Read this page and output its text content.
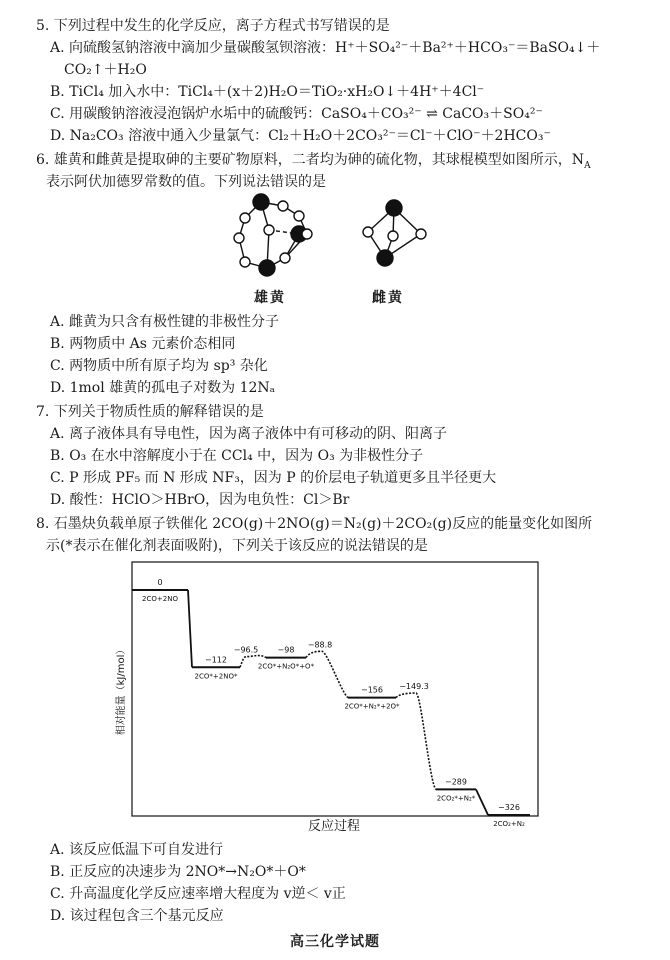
5. 下列过程中发生的化学反应，离子方程式书写错误的是
A. 向硫酸氢钠溶液中滴加少量碳酸氢钡溶液：H⁺＋SO₄²⁻＋Ba²⁺＋HCO₃⁻＝BaSO₄↓＋
CO₂↑＋H₂O
B. TiCl₄ 加入水中：TiCl₄＋(x＋2)H₂O＝TiO₂·xH₂O↓＋4H⁺＋4Cl⁻
C. 用碳酸钠溶液浸泡锅炉水垢中的硫酸钙：CaSO₄＋CO₃²⁻ ⇌ CaCO₃＋SO₄²⁻
D. Na₂CO₃ 溶液中通入少量氯气：Cl₂＋H₂O＋2CO₃²⁻＝Cl⁻＋ClO⁻＋2HCO₃⁻
6. 雄黄和雌黄是提取砷的主要矿物原料，二者均为砷的硫化物，其球棍模型如图所示，$N_A$
表示阿伏加德罗常数的值。下列说法错误的是
雄黄	雌黄
A. 雌黄为只含有极性键的非极性分子
B. 两物质中 As 元素价态相同
C. 两物质中所有原子均为 sp³ 杂化
D. 1mol 雄黄的孤电子对数为 12Nₐ
7. 下列关于物质性质的解释错误的是
A. 离子液体具有导电性，因为离子液体中有可移动的阴、阳离子
B. O₃ 在水中溶解度小于在 CCl₄ 中，因为 O₃ 为非极性分子
C. P 形成 PF₅ 而 N 形成 NF₃，因为 P 的价层电子轨道更多且半径更大
D. 酸性：HClO＞HBrO，因为电负性：Cl＞Br
8. 石墨炔负载单原子铁催化 2CO(g)＋2NO(g)＝N₂(g)＋2CO₂(g)反应的能量变化如图所
示(*表示在催化剂表面吸附)，下列关于该反应的说法错误的是
相对能量（kJ/mol）
反应过程
−96.5
−88.8
−149.3
0
2CO+2NO
−112
2CO*+2NO*
−98
2CO*+N₂O*+O*
−156
2CO*+N₂*+2O*
−289
2CO₂*+N₂*
−326
2CO₂+N₂
A. 该反应低温下可自发进行
B. 正反应的决速步为 2NO*→N₂O*＋O*
C. 升高温度化学反应速率增大程度为 v逆＜ v正
D. 该过程包含三个基元反应
高三化学试题
